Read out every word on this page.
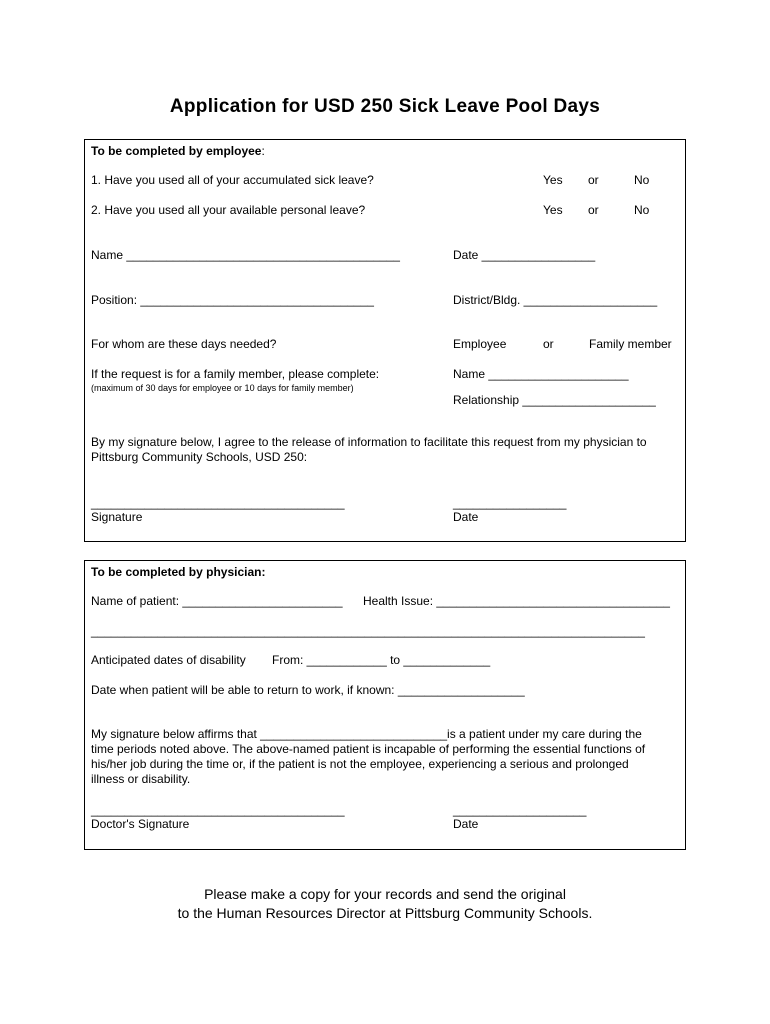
Application for USD 250 Sick Leave Pool Days
To be completed by employee:
1. Have you used all of your accumulated sick leave?	Yes or	No
2. Have you used all your available personal leave?	Yes or	No
Name _________________________________________	Date _________________
Position: ___________________________________	District/Bldg. ____________________
For whom are these days needed?	Employee	or	Family member
If the request is for a family member, please complete:
(maximum of 30 days for employee or 10 days for family member)
Name _____________________
Relationship ____________________
By my signature below, I agree to the release of information to facilitate this request from my physician to
Pittsburg Community Schools, USD 250:
______________________________________	_________________
Signature	Date
To be completed by physician:
Name of patient: ________________________ Health Issue: ___________________________________
___________________________________________________________________________________
Anticipated dates of disability From: ____________ to _____________
Date when patient will be able to return to work, if known: ___________________
My signature below affirms that ____________________________is a patient under my care during the
time periods noted above. The above-named patient is incapable of performing the essential functions of
his/her job during the time or, if the patient is not the employee, experiencing a serious and prolonged
illness or disability.
______________________________________	____________________
Doctor's Signature	Date
Please make a copy for your records and send the original
to the Human Resources Director at Pittsburg Community Schools.
